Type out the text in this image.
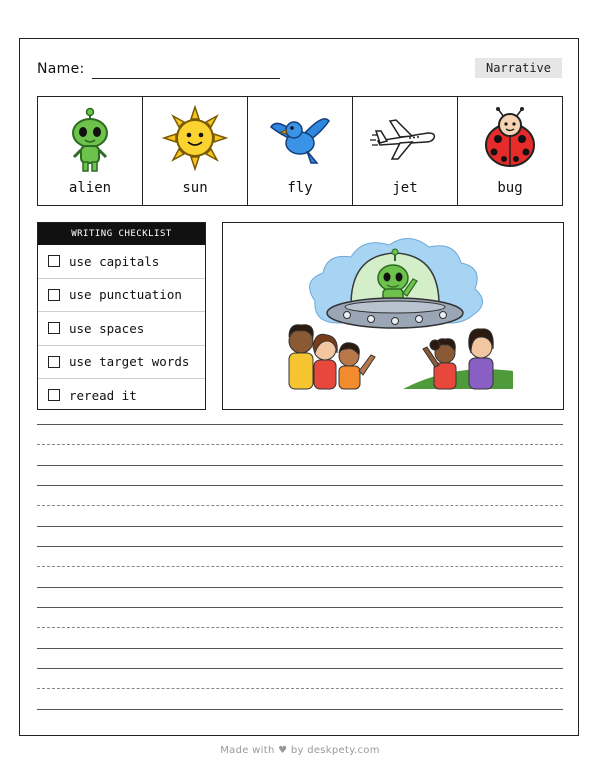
Name:	Narrative
alien	sun	fly	jet	bug
WRITING CHECKLIST
use capitals
use punctuation
use spaces
use target words
reread it
Made with ♥ by deskpety.com
